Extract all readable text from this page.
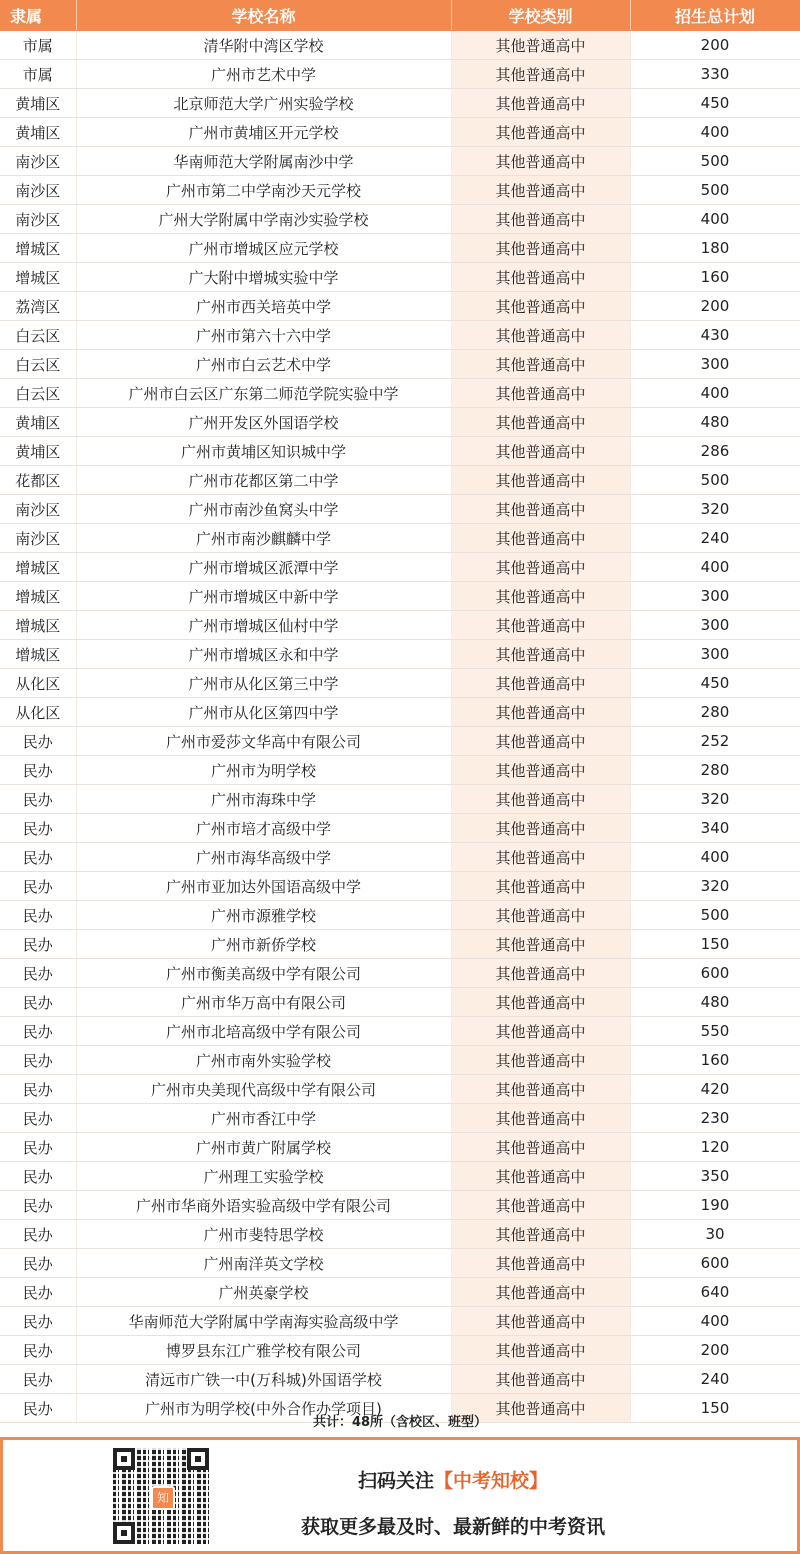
隶属	学校名称	学校类别	招生总计划
市属	清华附中湾区学校	其他普通高中	200
市属	广州市艺术中学	其他普通高中	330
黄埔区	北京师范大学广州实验学校	其他普通高中	450
黄埔区	广州市黄埔区开元学校	其他普通高中	400
南沙区	华南师范大学附属南沙中学	其他普通高中	500
南沙区	广州市第二中学南沙天元学校	其他普通高中	500
南沙区	广州大学附属中学南沙实验学校	其他普通高中	400
增城区	广州市增城区应元学校	其他普通高中	180
增城区	广大附中增城实验中学	其他普通高中	160
荔湾区	广州市西关培英中学	其他普通高中	200
白云区	广州市第六十六中学	其他普通高中	430
白云区	广州市白云艺术中学	其他普通高中	300
白云区	广州市白云区广东第二师范学院实验中学	其他普通高中	400
黄埔区	广州开发区外国语学校	其他普通高中	480
黄埔区	广州市黄埔区知识城中学	其他普通高中	286
花都区	广州市花都区第二中学	其他普通高中	500
南沙区	广州市南沙鱼窝头中学	其他普通高中	320
南沙区	广州市南沙麒麟中学	其他普通高中	240
增城区	广州市增城区派潭中学	其他普通高中	400
增城区	广州市增城区中新中学	其他普通高中	300
增城区	广州市增城区仙村中学	其他普通高中	300
增城区	广州市增城区永和中学	其他普通高中	300
从化区	广州市从化区第三中学	其他普通高中	450
从化区	广州市从化区第四中学	其他普通高中	280
民办	广州市爱莎文华高中有限公司	其他普通高中	252
民办	广州市为明学校	其他普通高中	280
民办	广州市海珠中学	其他普通高中	320
民办	广州市培才高级中学	其他普通高中	340
民办	广州市海华高级中学	其他普通高中	400
民办	广州市亚加达外国语高级中学	其他普通高中	320
民办	广州市源雅学校	其他普通高中	500
民办	广州市新侨学校	其他普通高中	150
民办	广州市衡美高级中学有限公司	其他普通高中	600
民办	广州市华万高中有限公司	其他普通高中	480
民办	广州市北培高级中学有限公司	其他普通高中	550
民办	广州市南外实验学校	其他普通高中	160
民办	广州市央美现代高级中学有限公司	其他普通高中	420
民办	广州市香江中学	其他普通高中	230
民办	广州市黄广附属学校	其他普通高中	120
民办	广州理工实验学校	其他普通高中	350
民办	广州市华商外语实验高级中学有限公司	其他普通高中	190
民办	广州市斐特思学校	其他普通高中	30
民办	广州南洋英文学校	其他普通高中	600
民办	广州英豪学校	其他普通高中	640
民办	华南师范大学附属中学南海实验高级中学	其他普通高中	400
民办	博罗县东江广雅学校有限公司	其他普通高中	200
民办	清远市广铁一中(万科城)外国语学校	其他普通高中	240
民办	广州市为明学校(中外合作办学项目)	其他普通高中	150
共计：48所（含校区、班型）
知
扫码关注【中考知校】
获取更多最及时、最新鲜的中考资讯
